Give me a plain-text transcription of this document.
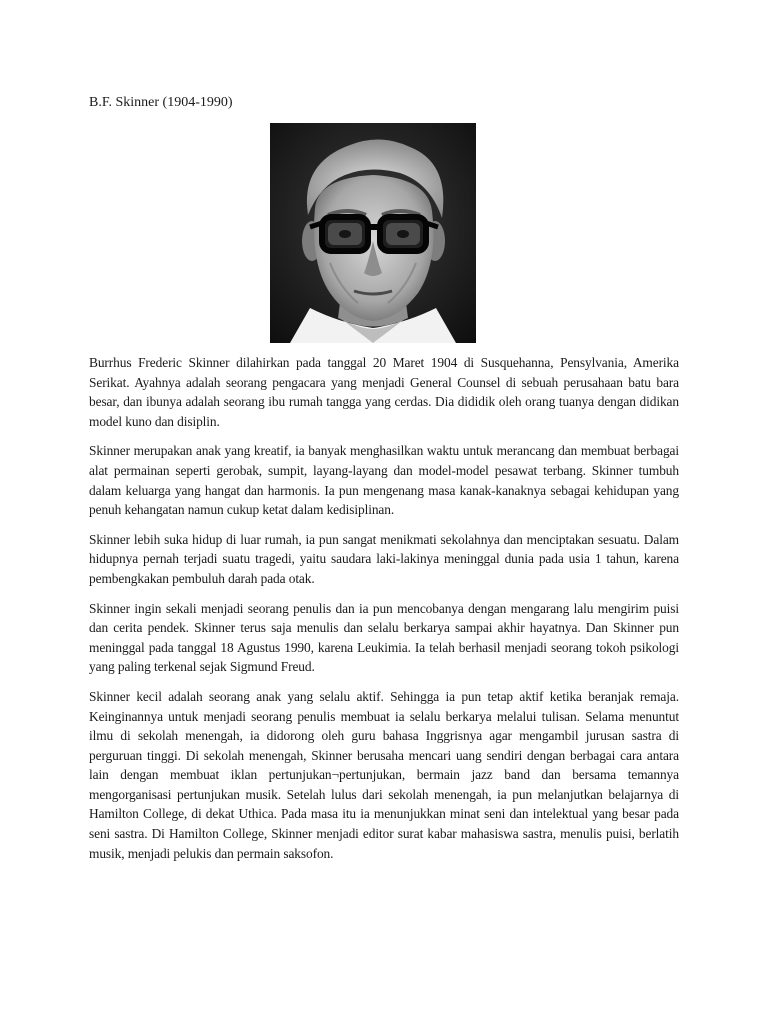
B.F. Skinner (1904-1990)

Burrhus Frederic Skinner dilahirkan pada tanggal 20 Maret 1904 di Susquehanna, Pensylvania, Amerika Serikat. Ayahnya adalah seorang pengacara yang menjadi General Counsel di sebuah perusahaan batu bara besar, dan ibunya adalah seorang ibu rumah tangga yang cerdas. Dia dididik oleh orang tuanya dengan didikan model kuno dan disiplin.

Skinner merupakan anak yang kreatif, ia banyak menghasilkan waktu untuk merancang dan membuat berbagai alat permainan seperti gerobak, sumpit, layang-layang dan model-model pesawat terbang. Skinner tumbuh dalam keluarga yang hangat dan harmonis. Ia pun mengenang masa kanak-kanaknya sebagai kehidupan yang penuh kehangatan namun cukup ketat dalam kedisiplinan.

Skinner lebih suka hidup di luar rumah, ia pun sangat menikmati sekolahnya dan menciptakan sesuatu. Dalam hidupnya pernah terjadi suatu tragedi, yaitu saudara laki-lakinya meninggal dunia pada usia 1 tahun, karena pembengkakan pembuluh darah pada otak.

Skinner ingin sekali menjadi seorang penulis dan ia pun mencobanya dengan mengarang lalu mengirim puisi dan cerita pendek. Skinner terus saja menulis dan selalu berkarya sampai akhir hayatnya. Dan Skinner pun meninggal pada tanggal 18 Agustus 1990, karena Leukimia. Ia telah berhasil menjadi seorang tokoh psikologi yang paling terkenal sejak Sigmund Freud.

Skinner kecil adalah seorang anak yang selalu aktif. Sehingga ia pun tetap aktif ketika beranjak remaja. Keinginannya untuk menjadi seorang penulis membuat ia selalu berkarya melalui tulisan. Selama menuntut ilmu di sekolah menengah, ia didorong oleh guru bahasa Inggrisnya agar mengambil jurusan sastra di perguruan tinggi. Di sekolah menengah, Skinner berusaha mencari uang sendiri dengan berbagai cara antara lain dengan membuat iklan pertunjukan¬pertunjukan, bermain jazz band dan bersama temannya mengorganisasi pertunjukan musik. Setelah lulus dari sekolah menengah, ia pun melanjutkan belajarnya di Hamilton College, di dekat Uthica. Pada masa itu ia menunjukkan minat seni dan intelektual yang besar pada seni sastra. Di Hamilton College, Skinner menjadi editor surat kabar mahasiswa sastra, menulis puisi, berlatih musik, menjadi pelukis dan permain saksofon.
